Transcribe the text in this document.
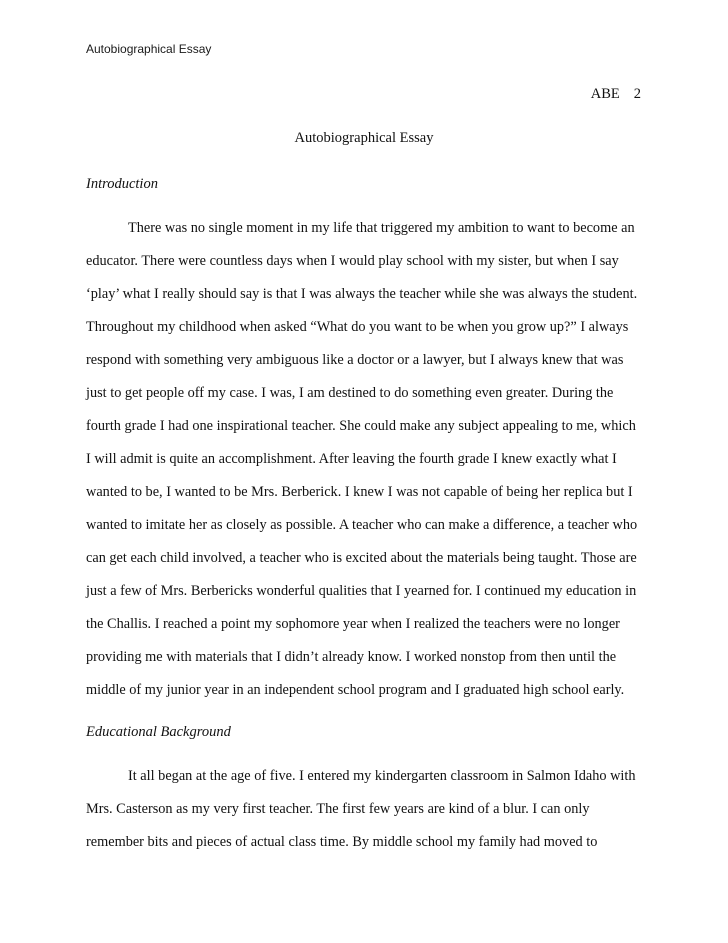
Autobiographical Essay
ABE 2
Autobiographical Essay
Introduction
There was no single moment in my life that triggered my ambition to want to become an
educator. There were countless days when I would play school with my sister, but when I say
‘play’ what I really should say is that I was always the teacher while she was always the student.
Throughout my childhood when asked “What do you want to be when you grow up?” I always
respond with something very ambiguous like a doctor or a lawyer, but I always knew that was
just to get people off my case. I was, I am destined to do something even greater. During the
fourth grade I had one inspirational teacher. She could make any subject appealing to me, which
I will admit is quite an accomplishment. After leaving the fourth grade I knew exactly what I
wanted to be, I wanted to be Mrs. Berberick. I knew I was not capable of being her replica but I
wanted to imitate her as closely as possible. A teacher who can make a difference, a teacher who
can get each child involved, a teacher who is excited about the materials being taught. Those are
just a few of Mrs. Berbericks wonderful qualities that I yearned for. I continued my education in
the Challis. I reached a point my sophomore year when I realized the teachers were no longer
providing me with materials that I didn’t already know. I worked nonstop from then until the
middle of my junior year in an independent school program and I graduated high school early.
Educational Background
It all began at the age of five. I entered my kindergarten classroom in Salmon Idaho with
Mrs. Casterson as my very first teacher. The first few years are kind of a blur. I can only
remember bits and pieces of actual class time. By middle school my family had moved to
